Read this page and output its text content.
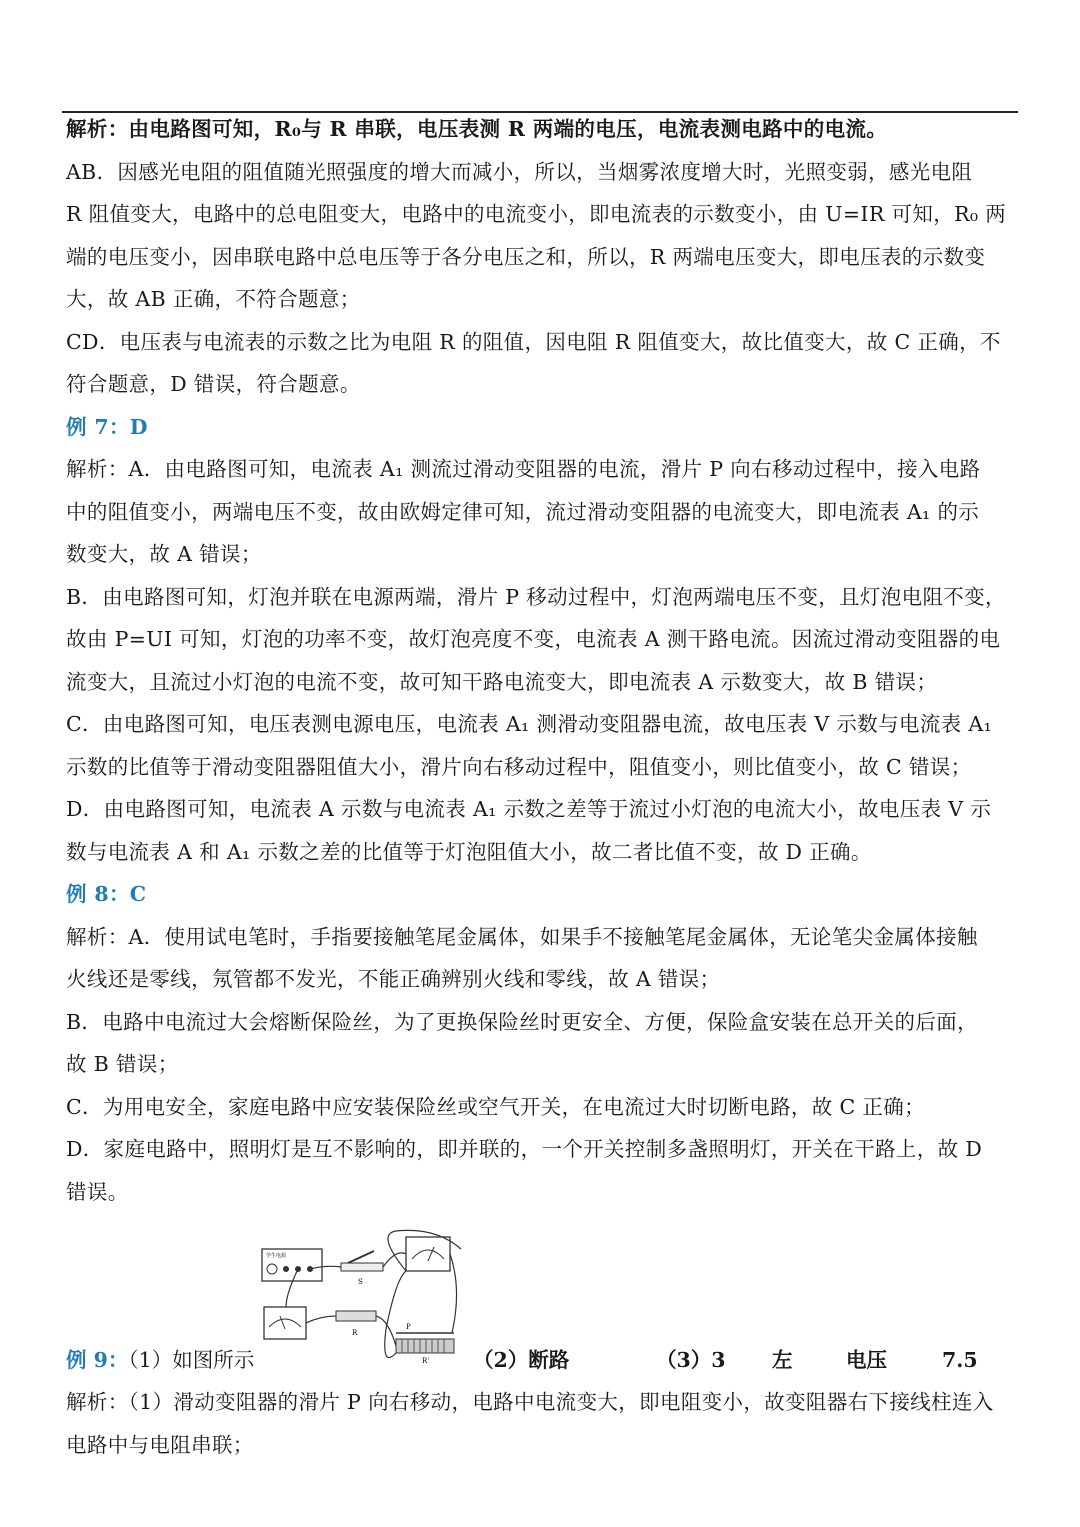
解析：由电路图可知，R₀与 R 串联，电压表测 R 两端的电压，电流表测电路中的电流。
AB．因感光电阻的阻值随光照强度的增大而减小，所以，当烟雾浓度增大时，光照变弱，感光电阻
R 阻值变大，电路中的总电阻变大，电路中的电流变小，即电流表的示数变小，由 U=IR 可知，R₀ 两
端的电压变小，因串联电路中总电压等于各分电压之和，所以，R 两端电压变大，即电压表的示数变
大，故 AB 正确，不符合题意；
CD．电压表与电流表的示数之比为电阻 R 的阻值，因电阻 R 阻值变大，故比值变大，故 C 正确，不
符合题意，D 错误，符合题意。
例 7：D
解析：A．由电路图可知，电流表 A₁ 测流过滑动变阻器的电流，滑片 P 向右移动过程中，接入电路
中的阻值变小，两端电压不变，故由欧姆定律可知，流过滑动变阻器的电流变大，即电流表 A₁ 的示
数变大，故 A 错误；
B．由电路图可知，灯泡并联在电源两端，滑片 P 移动过程中，灯泡两端电压不变，且灯泡电阻不变，
故由 P=UI 可知，灯泡的功率不变，故灯泡亮度不变，电流表 A 测干路电流。因流过滑动变阻器的电
流变大，且流过小灯泡的电流不变，故可知干路电流变大，即电流表 A 示数变大，故 B 错误；
C．由电路图可知，电压表测电源电压，电流表 A₁ 测滑动变阻器电流，故电压表 V 示数与电流表 A₁
示数的比值等于滑动变阻器阻值大小，滑片向右移动过程中，阻值变小，则比值变小，故 C 错误；
D．由电路图可知，电流表 A 示数与电流表 A₁ 示数之差等于流过小灯泡的电流大小，故电压表 V 示
数与电流表 A 和 A₁ 示数之差的比值等于灯泡阻值大小，故二者比值不变，故 D 正确。
例 8：C
解析：A．使用试电笔时，手指要接触笔尾金属体，如果手不接触笔尾金属体，无论笔尖金属体接触
火线还是零线，氖管都不发光，不能正确辨别火线和零线，故 A 错误；
B．电路中电流过大会熔断保险丝，为了更换保险丝时更安全、方便，保险盒安装在总开关的后面，
故 B 错误；
C．为用电安全，家庭电路中应安装保险丝或空气开关，在电流过大时切断电路，故 C 正确；
D．家庭电路中，照明灯是互不影响的，即并联的，一个开关控制多盏照明灯，开关在干路上，故 D
错误。
例 9：（1）如图所示
学生电源
S
R
P
R' （2）断路	（3）3 左	电压	7.5
解析：（1）滑动变阻器的滑片 P 向右移动，电路中电流变大，即电阻变小，故变阻器右下接线柱连入
电路中与电阻串联；
